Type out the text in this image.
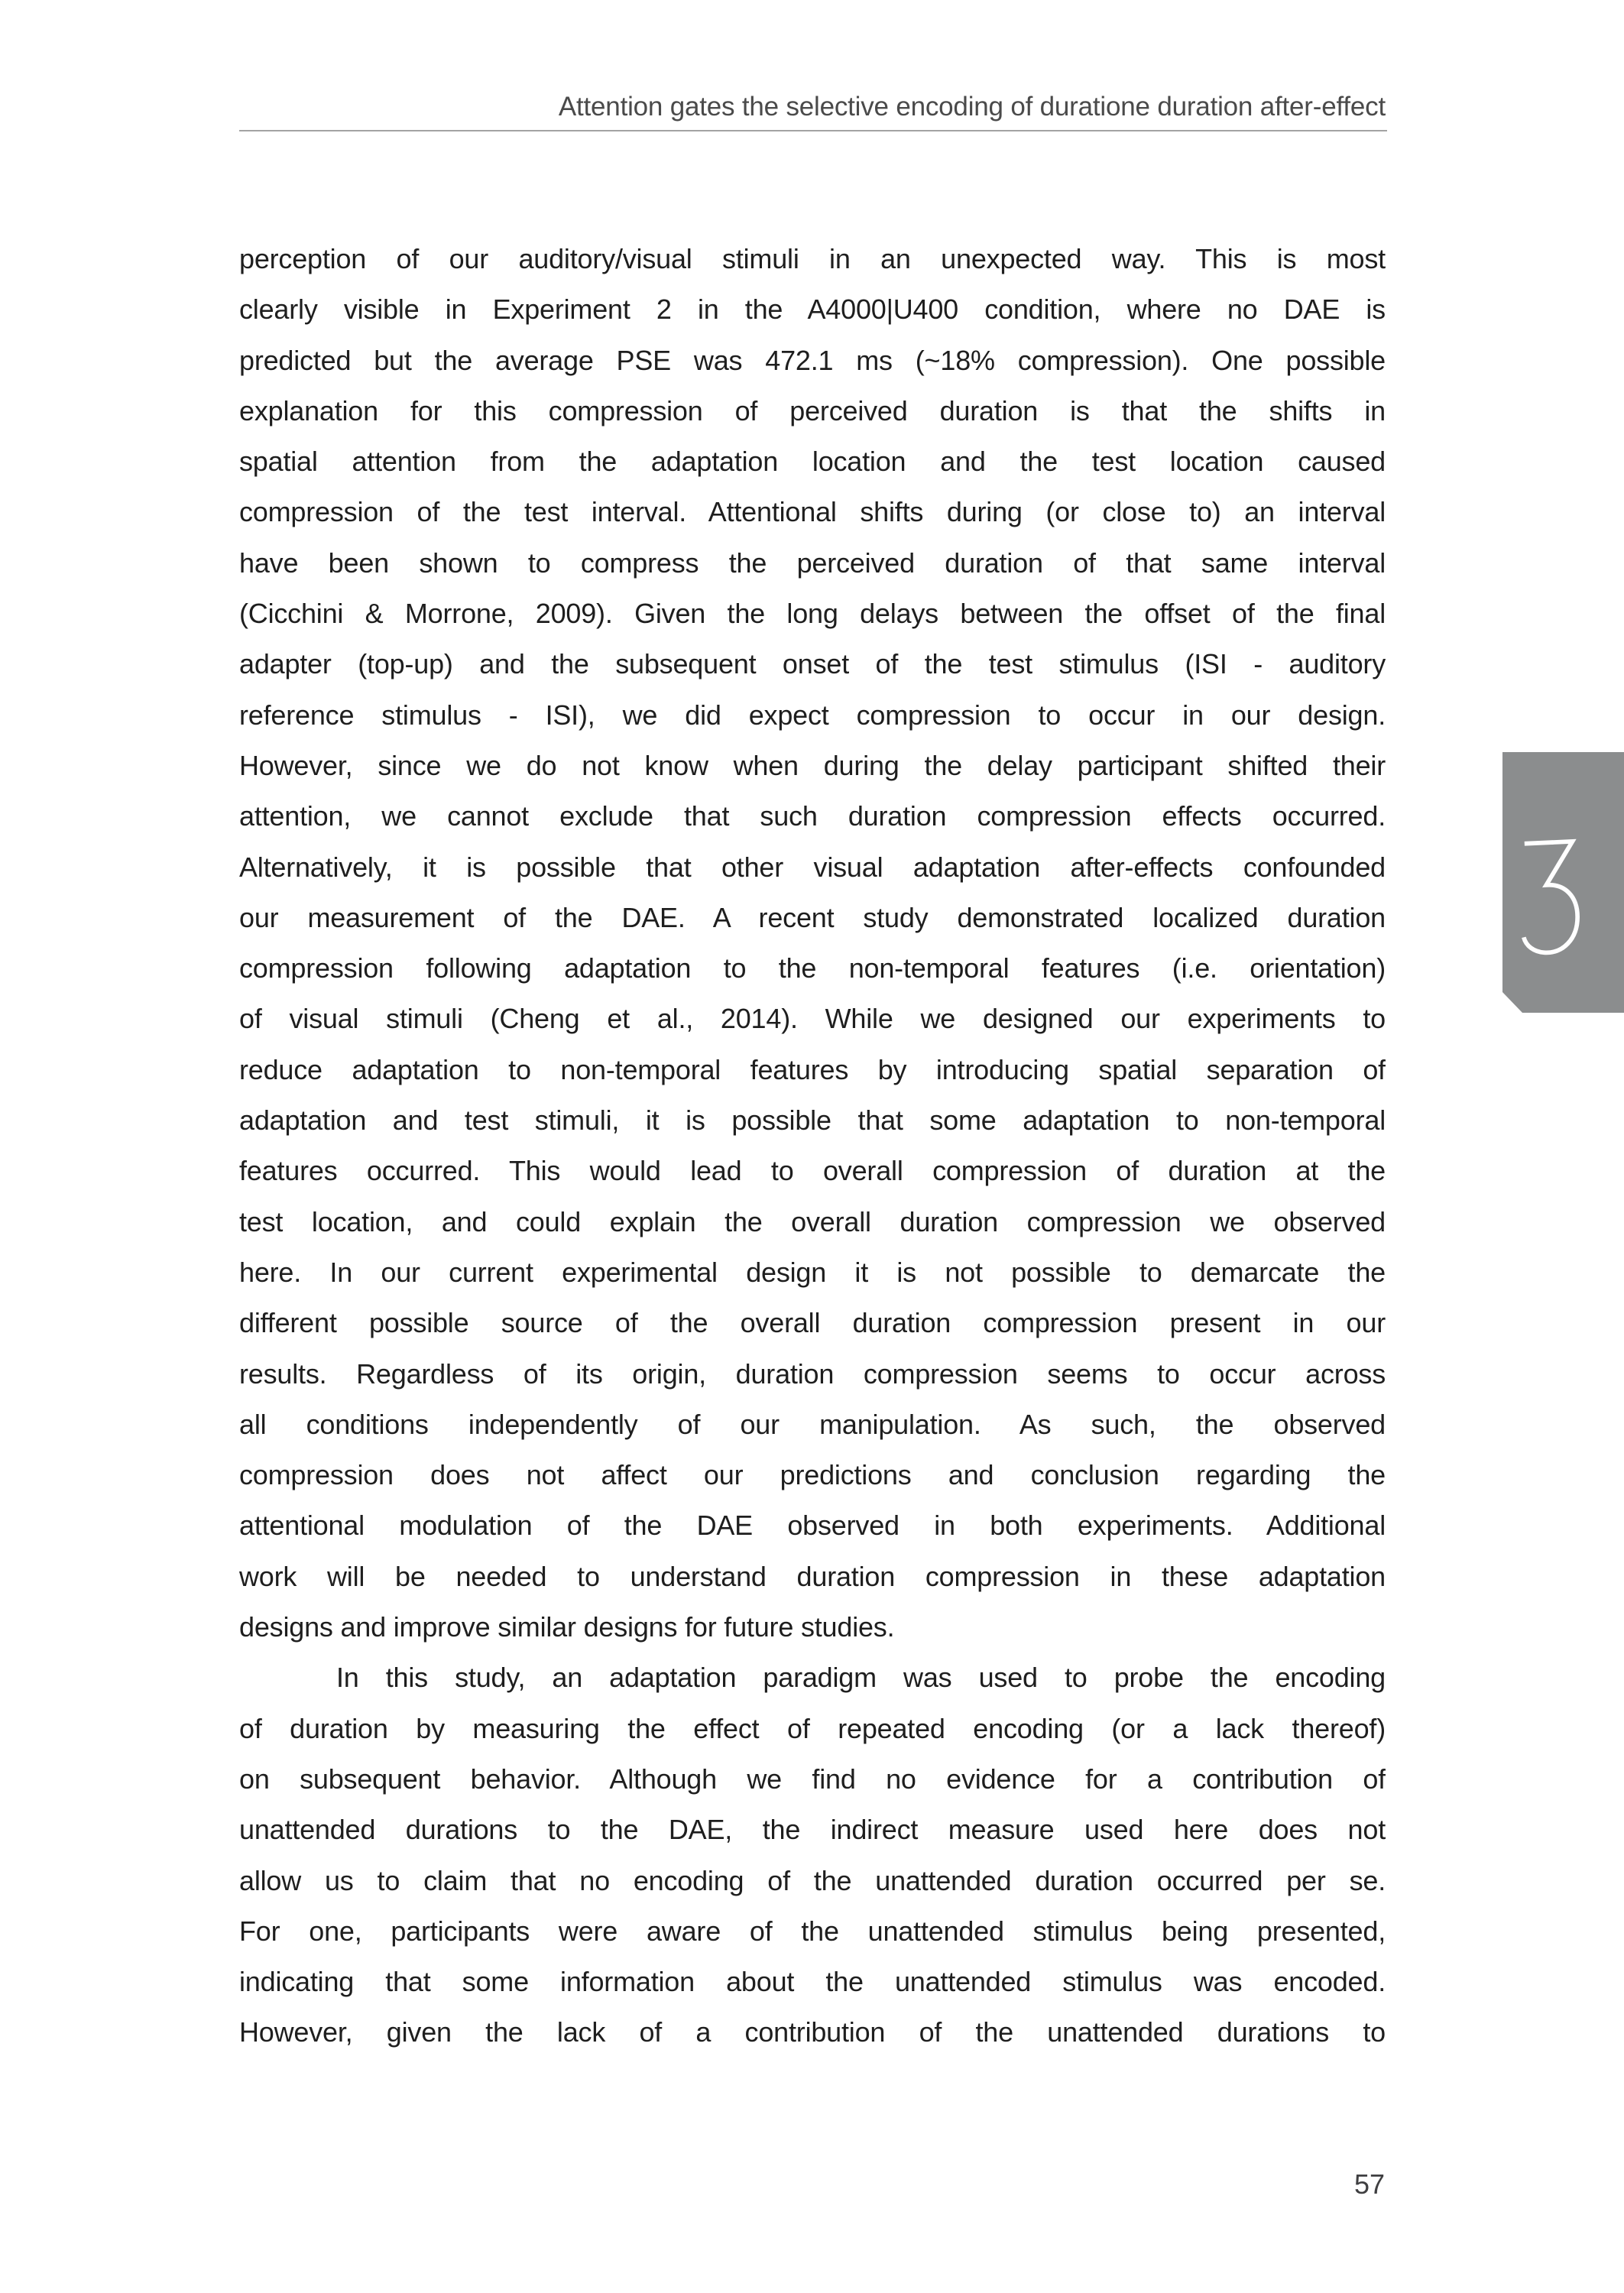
Attention gates the selective encoding of duratione duration after-effect
perception of our auditory/visual stimuli in an unexpected way. This is most
clearly visible in Experiment 2 in the A4000|U400 condition, where no DAE is
predicted but the average PSE was 472.1 ms (~18% compression). One possible
explanation for this compression of perceived duration is that the shifts in
spatial attention from the adaptation location and the test location caused
compression of the test interval. Attentional shifts during (or close to) an interval
have been shown to compress the perceived duration of that same interval
(Cicchini & Morrone, 2009). Given the long delays between the offset of the final
adapter (top-up) and the subsequent onset of the test stimulus (ISI - auditory
reference stimulus - ISI), we did expect compression to occur in our design.
However, since we do not know when during the delay participant shifted their
attention, we cannot exclude that such duration compression effects occurred.
Alternatively, it is possible that other visual adaptation after-effects confounded
our measurement of the DAE. A recent study demonstrated localized duration
compression following adaptation to the non-temporal features (i.e. orientation)
of visual stimuli (Cheng et al., 2014). While we designed our experiments to
reduce adaptation to non-temporal features by introducing spatial separation of
adaptation and test stimuli, it is possible that some adaptation to non-temporal
features occurred. This would lead to overall compression of duration at the
test location, and could explain the overall duration compression we observed
here. In our current experimental design it is not possible to demarcate the
different possible source of the overall duration compression present in our
results. Regardless of its origin, duration compression seems to occur across
all conditions independently of our manipulation. As such, the observed
compression does not affect our predictions and conclusion regarding the
attentional modulation of the DAE observed in both experiments. Additional
work will be needed to understand duration compression in these adaptation
designs and improve similar designs for future studies.
In this study, an adaptation paradigm was used to probe the encoding
of duration by measuring the effect of repeated encoding (or a lack thereof)
on subsequent behavior. Although we find no evidence for a contribution of
unattended durations to the DAE, the indirect measure used here does not
allow us to claim that no encoding of the unattended duration occurred per se.
For one, participants were aware of the unattended stimulus being presented,
indicating that some information about the unattended stimulus was encoded.
However, given the lack of a contribution of the unattended durations to
57
